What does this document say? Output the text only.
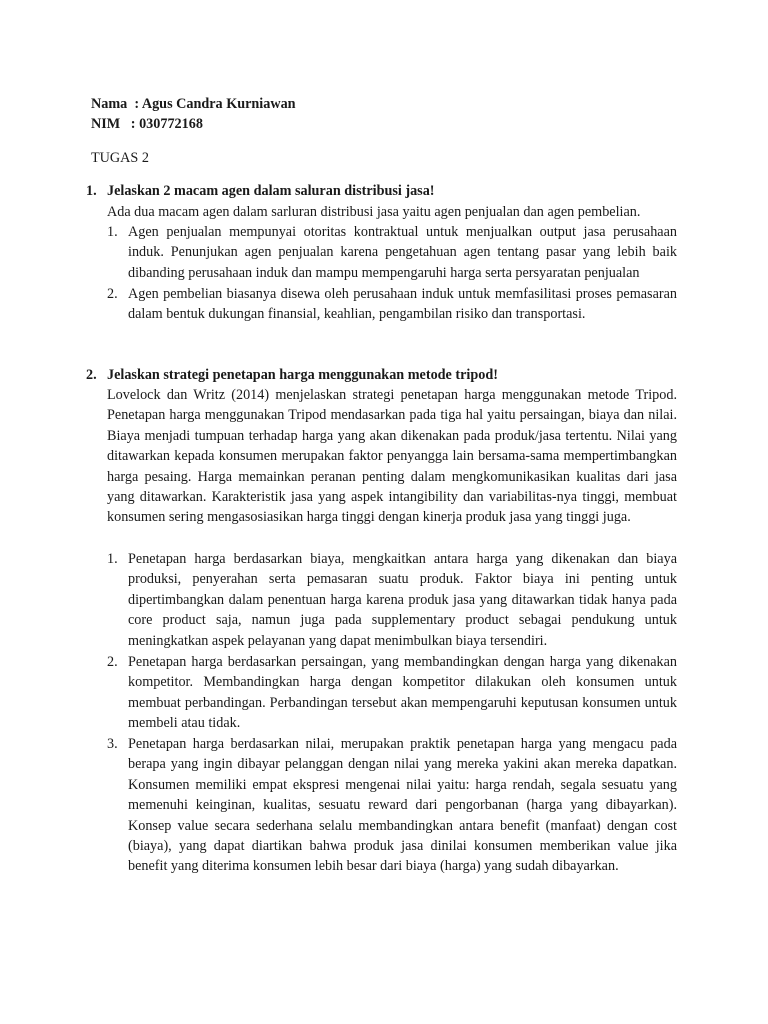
Nama  : Agus Candra Kurniawan
NIM   : 030772168
TUGAS 2
1. Jelaskan 2 macam agen dalam saluran distribusi jasa!
Ada dua macam agen dalam sarluran distribusi jasa yaitu agen penjualan dan agen pembelian.
1. Agen penjualan mempunyai otoritas kontraktual untuk menjualkan output jasa perusahaan induk. Penunjukan agen penjualan karena pengetahuan agen tentang pasar yang lebih baik dibanding perusahaan induk dan mampu mempengaruhi harga serta persyaratan penjualan
2. Agen pembelian biasanya disewa oleh perusahaan induk untuk memfasilitasi proses pemasaran dalam bentuk dukungan finansial, keahlian, pengambilan risiko dan transportasi.
2. Jelaskan strategi penetapan harga menggunakan metode tripod!
Lovelock dan Writz (2014) menjelaskan strategi penetapan harga menggunakan metode Tripod. Penetapan harga menggunakan Tripod mendasarkan pada tiga hal yaitu persaingan, biaya dan nilai. Biaya menjadi tumpuan terhadap harga yang akan dikenakan pada produk/jasa tertentu. Nilai yang ditawarkan kepada konsumen merupakan faktor penyangga lain bersama-sama mempertimbangkan harga pesaing. Harga memainkan peranan penting dalam mengkomunikasikan kualitas dari jasa yang ditawarkan. Karakteristik jasa yang aspek intangibility dan variabilitas-nya tinggi, membuat konsumen sering mengasosiasikan harga tinggi dengan kinerja produk jasa yang tinggi juga.
1. Penetapan harga berdasarkan biaya, mengkaitkan antara harga yang dikenakan dan biaya produksi, penyerahan serta pemasaran suatu produk. Faktor biaya ini penting untuk dipertimbangkan dalam penentuan harga karena produk jasa yang ditawarkan tidak hanya pada core product saja, namun juga pada supplementary product sebagai pendukung untuk meningkatkan aspek pelayanan yang dapat menimbulkan biaya tersendiri.
2. Penetapan harga berdasarkan persaingan, yang membandingkan dengan harga yang dikenakan kompetitor. Membandingkan harga dengan kompetitor dilakukan oleh konsumen untuk membuat perbandingan. Perbandingan tersebut akan mempengaruhi keputusan konsumen untuk membeli atau tidak.
3. Penetapan harga berdasarkan nilai, merupakan praktik penetapan harga yang mengacu pada berapa yang ingin dibayar pelanggan dengan nilai yang mereka yakini akan mereka dapatkan. Konsumen memiliki empat ekspresi mengenai nilai yaitu: harga rendah, segala sesuatu yang memenuhi keinginan, kualitas, sesuatu reward dari pengorbanan (harga yang dibayarkan). Konsep value secara sederhana selalu membandingkan antara benefit (manfaat) dengan cost (biaya), yang dapat diartikan bahwa produk jasa dinilai konsumen memberikan value jika benefit yang diterima konsumen lebih besar dari biaya (harga) yang sudah dibayarkan.
